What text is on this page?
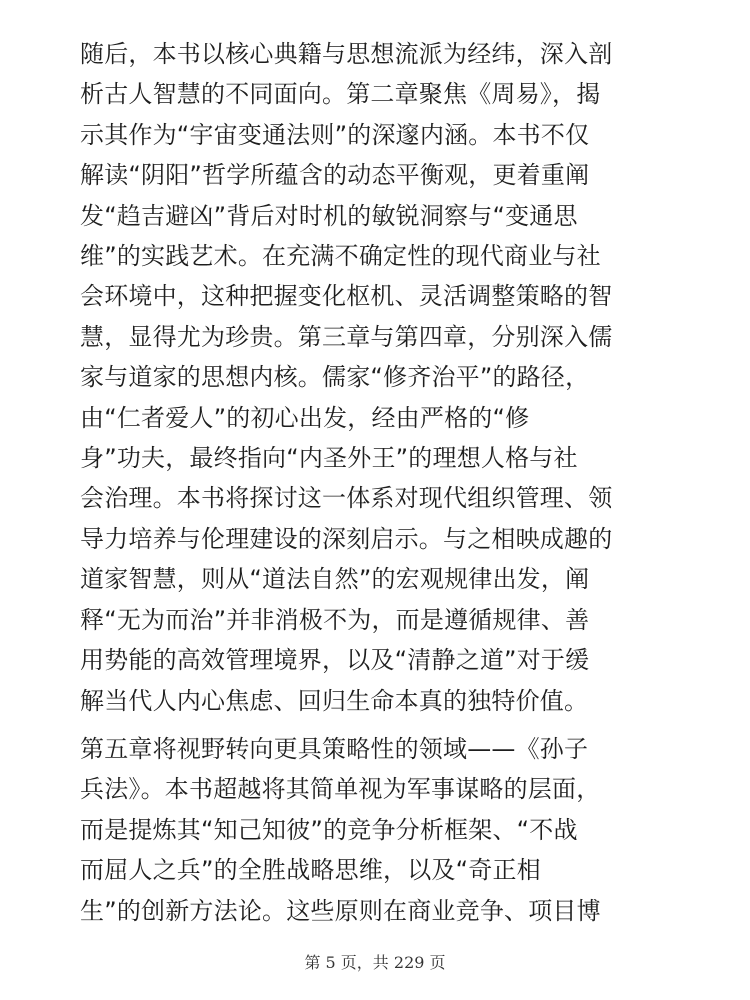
随后，本书以核心典籍与思想流派为经纬，深入剖
析古人智慧的不同面向。第二章聚焦《周易》，揭
示其作为“宇宙变通法则”的深邃内涵。本书不仅
解读“阴阳”哲学所蕴含的动态平衡观，更着重阐
发“趋吉避凶”背后对时机的敏锐洞察与“变通思
维”的实践艺术。在充满不确定性的现代商业与社
会环境中，这种把握变化枢机、灵活调整策略的智
慧，显得尤为珍贵。第三章与第四章，分别深入儒
家与道家的思想内核。儒家“修齐治平”的路径，
由“仁者爱人”的初心出发，经由严格的“修
身”功夫，最终指向“内圣外王”的理想人格与社
会治理。本书将探讨这一体系对现代组织管理、领
导力培养与伦理建设的深刻启示。与之相映成趣的
道家智慧，则从“道法自然”的宏观规律出发，阐
释“无为而治”并非消极不为，而是遵循规律、善
用势能的高效管理境界，以及“清静之道”对于缓
解当代人内心焦虑、回归生命本真的独特价值。

第五章将视野转向更具策略性的领域——《孙子
兵法》。本书超越将其简单视为军事谋略的层面，
而是提炼其“知己知彼”的竞争分析框架、“不战
而屈人之兵”的全胜战略思维，以及“奇正相
生”的创新方法论。这些原则在商业竞争、项目博

第 5 页，共 229 页
